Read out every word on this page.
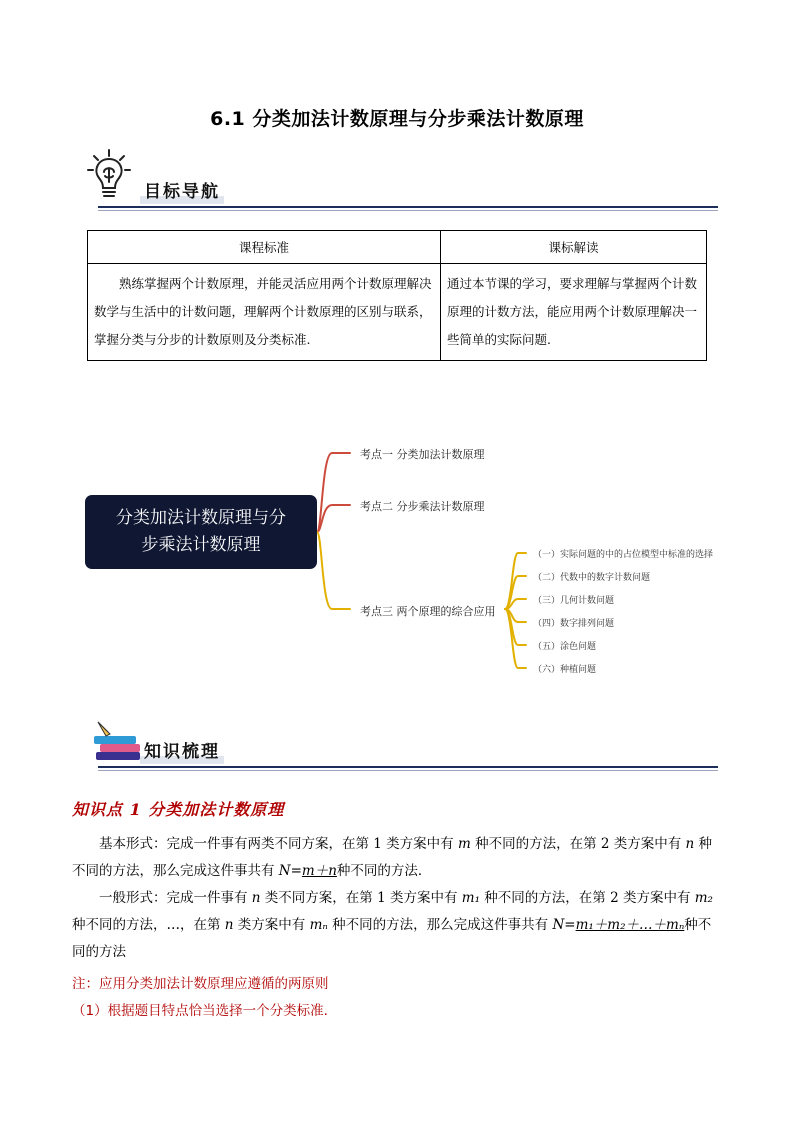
6.1 分类加法计数原理与分步乘法计数原理
目标导航
课程标准	课标解读
熟练掌握两个计数原理，并能灵活应用两个计数原理解决数学与生活中的计数问题，理解两个计数原理的区别与联系，掌握分类与分步的计数原则及分类标准.	通过本节课的学习，要求理解与掌握两个计数原理的计数方法，能应用两个计数原理解决一些简单的实际问题.
分类加法计数原理与分
步乘法计数原理
考点一 分类加法计数原理
考点二 分步乘法计数原理
考点三 两个原理的综合应用
（一）实际问题的中的占位模型中标准的选择
（二）代数中的数字计数问题
（三）几何计数问题
（四）数字排列问题
（五）涂色问题
（六）种植问题
知识梳理
知识点 1 分类加法计数原理
基本形式：完成一件事有两类不同方案，在第 1 类方案中有 m 种不同的方法，在第 2 类方案中有 n 种不同的方法，那么完成这件事共有 N=m＋n种不同的方法．
一般形式：完成一件事有 n 类不同方案，在第 1 类方案中有 m₁ 种不同的方法，在第 2 类方案中有 m₂ 种不同的方法，…，在第 n 类方案中有 mₙ 种不同的方法，那么完成这件事共有 N=m₁＋m₂＋…＋mₙ种不同的方法
注：应用分类加法计数原理应遵循的两原则
（1）根据题目特点恰当选择一个分类标准.
